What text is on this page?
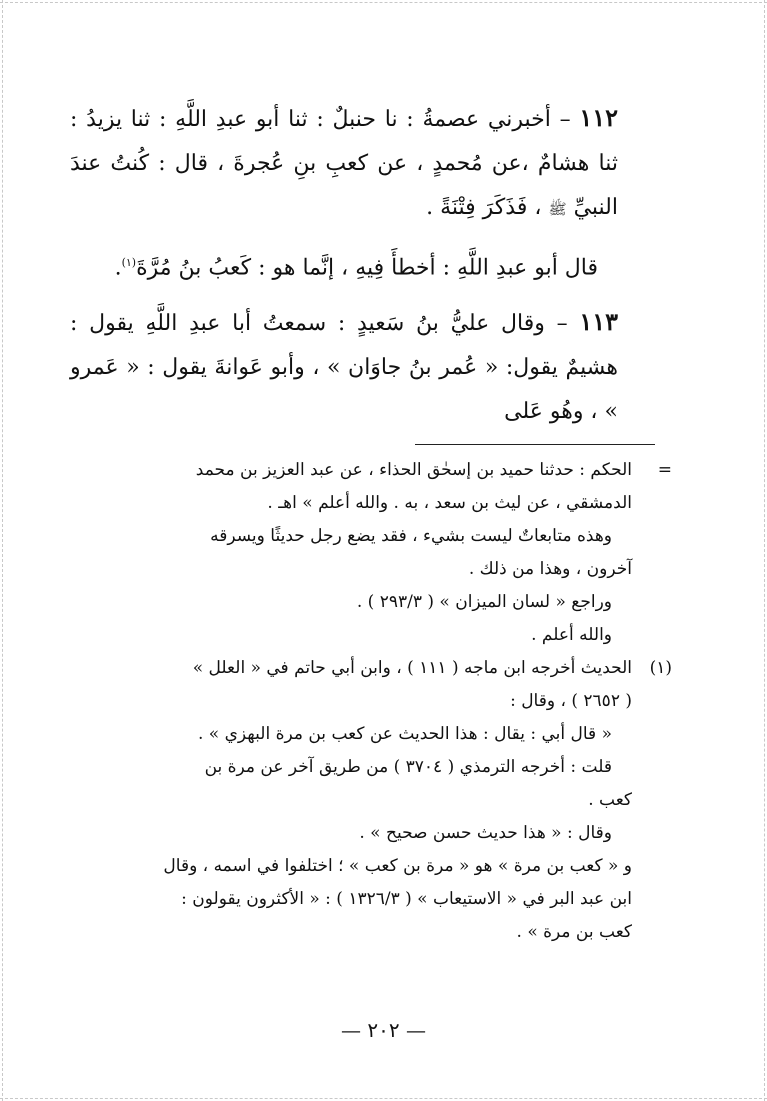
١١٢ – أخبرني عصمةُ : نا حنبلٌ : ثنا أبو عبدِ اللَّهِ : ثنا يزيدُ : ثنا هشامٌ ،عن مُحمدٍ ، عن كعبِ بنِ عُجرةَ ، قال : كُنتُ عندَ النبيِّ ﷺ ، فَذَكَرَ فِتْنَةً .

قال أبو عبدِ اللَّهِ : أخطأَ فِيهِ ، إنَّما هو : كَعبُ بنُ مُرَّةَ$^{(١)}$.

١١٣ – وقال عليُّ بنُ سَعيدٍ : سمعتُ أبا عبدِ اللَّهِ يقول : هشيمٌ يقول: « عُمر بنُ جاوَان » ، وأبو عَوانةَ يقول : « عَمرو » ، وهُو عَلى

=الحكم : حدثنا حميد بن إسحٰق الحذاء ، عن عبد العزيز بن محمد

الدمشقي ، عن ليث بن سعد ، به . والله أعلم » اهـ .

وهذه متابعاتٌ ليست بشيء ، فقد يضع رجل حديثًا ويسرقه

آخرون ، وهذا من ذلك .

وراجع « لسان الميزان » ( ٢٩٣/٣ ) .

والله أعلم .

(١)الحديث أخرجه ابن ماجه ( ١١١ ) ، وابن أبي حاتم في « العلل »

( ٢٦٥٢ ) ، وقال :

« قال أبي : يقال : هذا الحديث عن كعب بن مرة البهزي » .

قلت : أخرجه الترمذي ( ٣٧٠٤ ) من طريق آخر عن مرة بن

كعب .

وقال : « هذا حديث حسن صحيح » .

و « كعب بن مرة » هو « مرة بن كعب » ؛ اختلفوا في اسمه ، وقال

ابن عبد البر في « الاستيعاب » ( ١٣٢٦/٣ ) : « الأكثرون يقولون :

كعب بن مرة » .

— ٢٠٢ —
